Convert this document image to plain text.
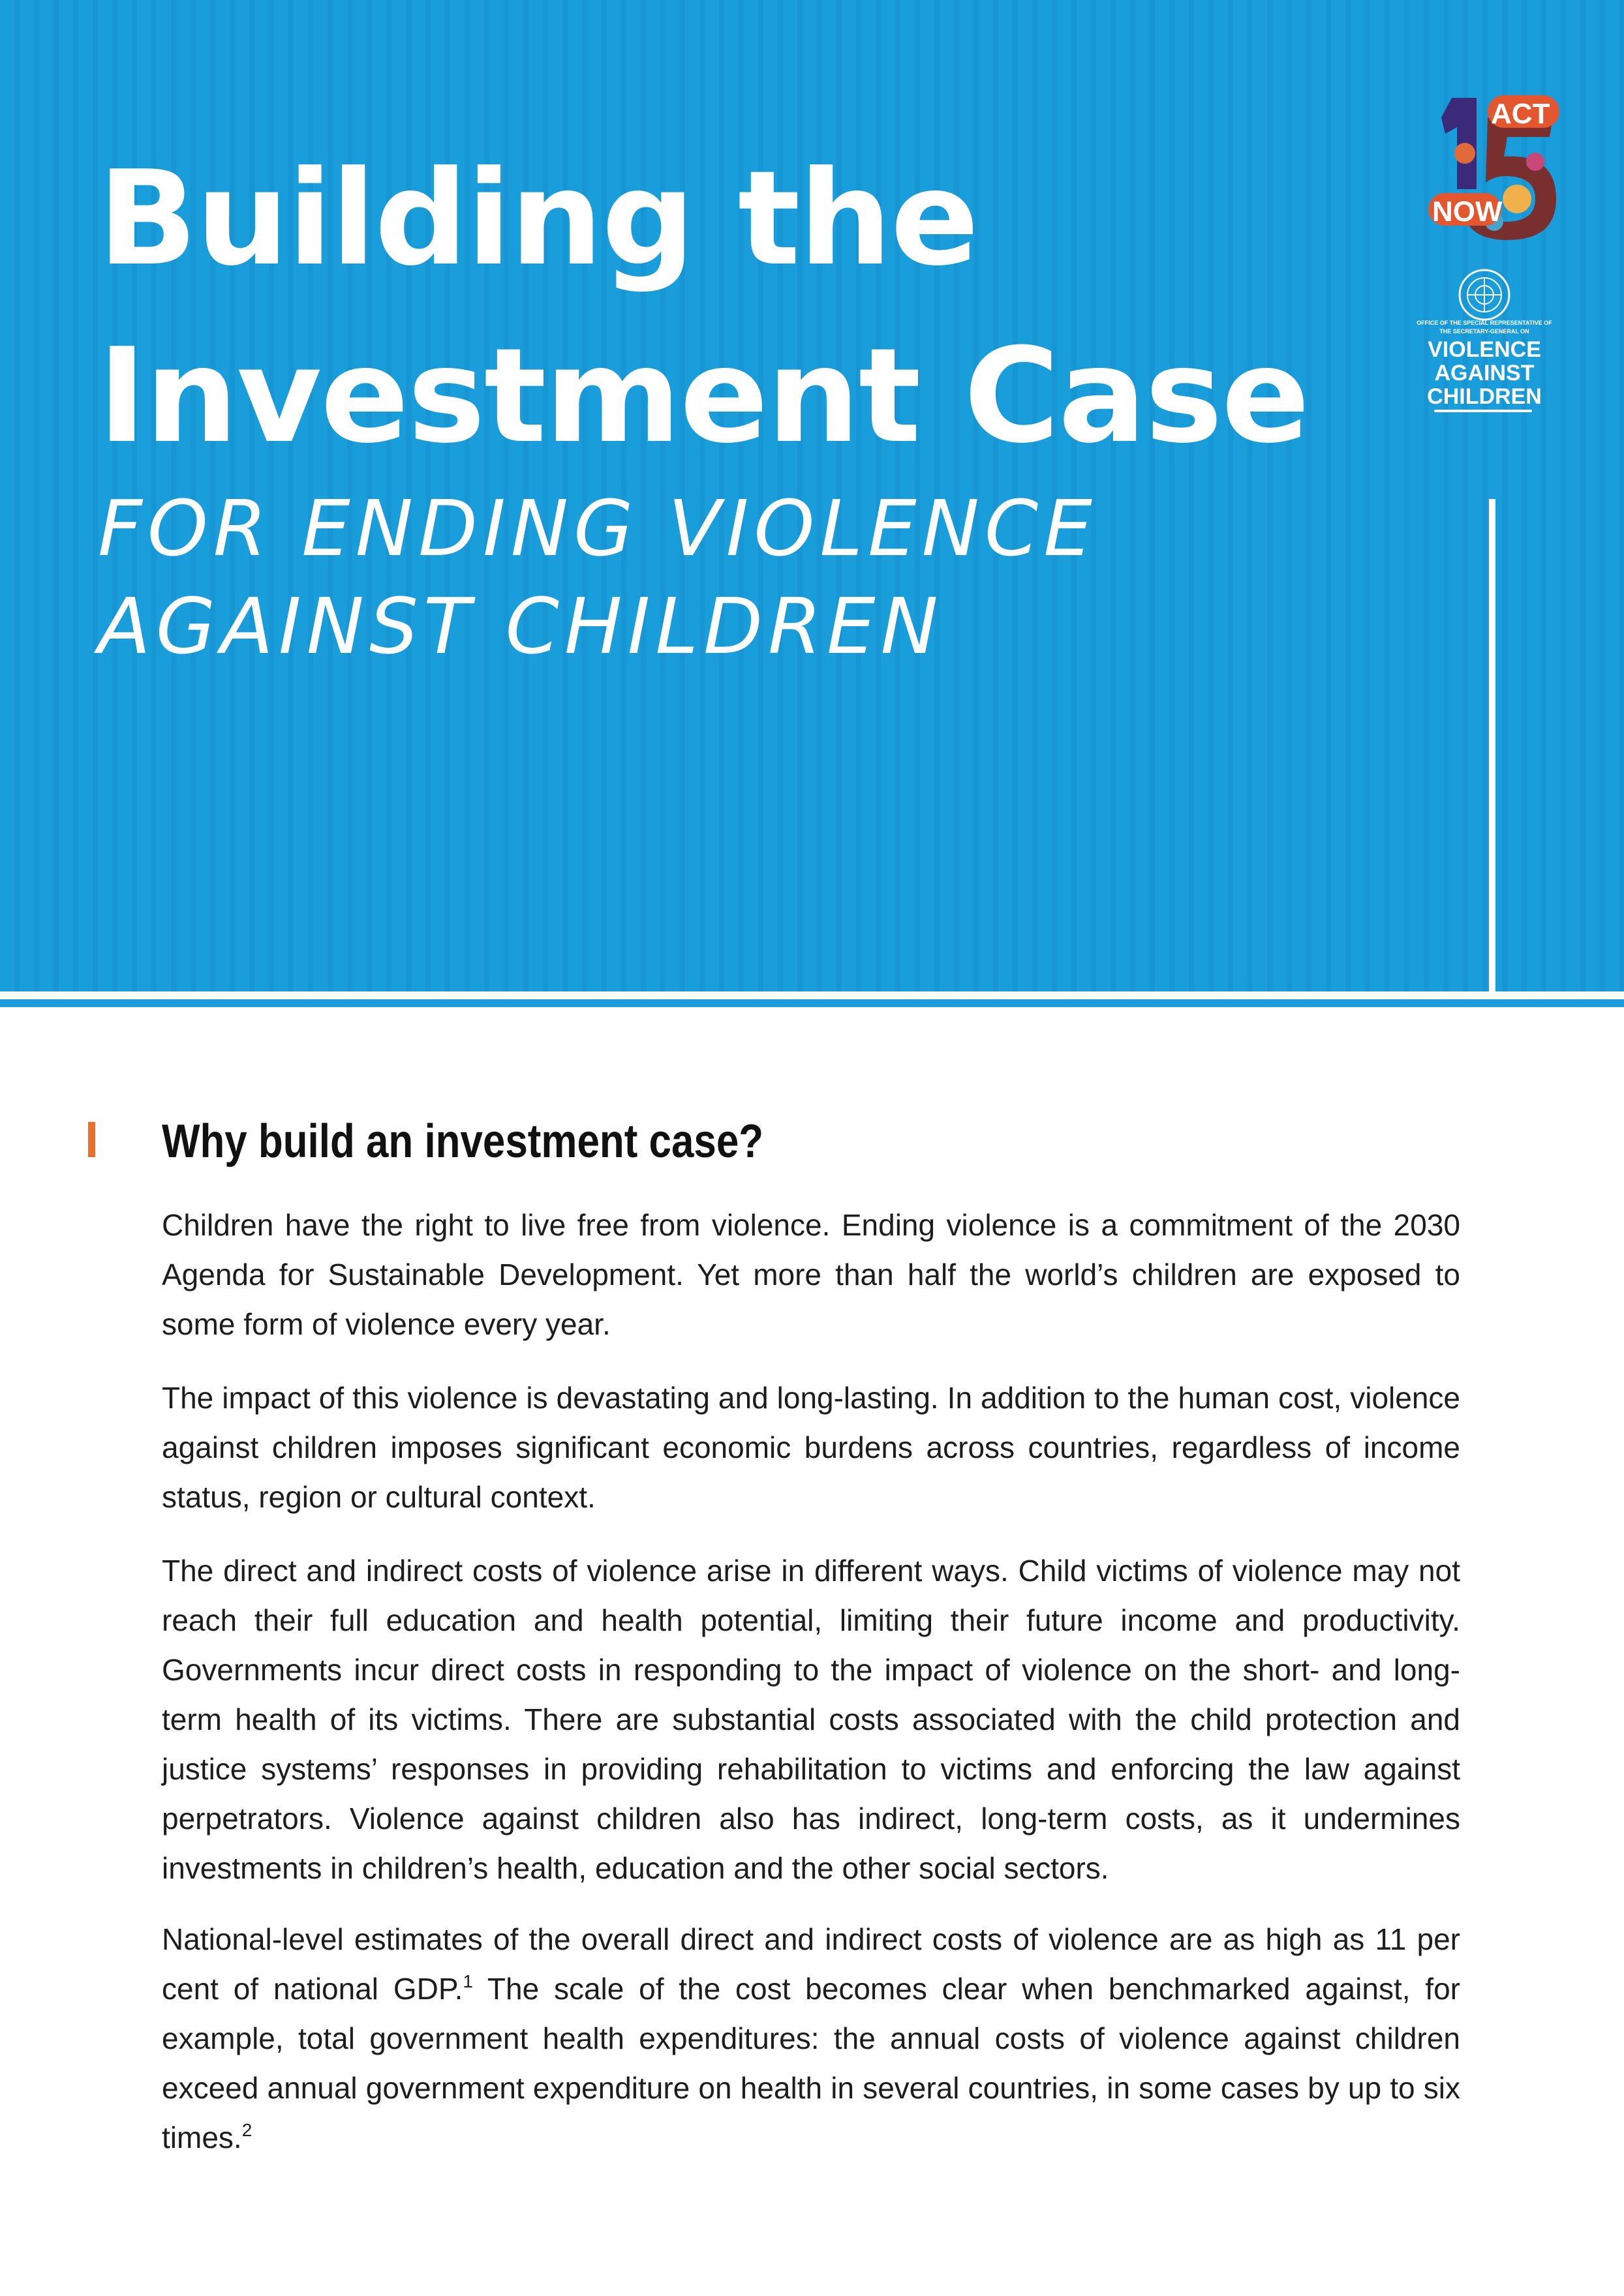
Building the
Investment Case
FOR ENDING VIOLENCE
AGAINST CHILDREN
ACT
NOW
OFFICE OF THE SPECIAL REPRESENTATIVE OF
THE SECRETARY-GENERAL ON
VIOLENCE
AGAINST
CHILDREN
Why build an investment case?

Children have the right to live free from violence. Ending violence is a commitment of the 2030 Agenda for Sustainable Development. Yet more than half the world’s children are exposed to some form of violence every year.

The impact of this violence is devastating and long-lasting. In addition to the human cost, violence against children imposes significant economic burdens across countries, regardless of income status, region or cultural context.

The direct and indirect costs of violence arise in different ways. Child victims of violence may not reach their full education and health potential, limiting their future income and productivity. Governments incur direct costs in responding to the impact of violence on the short- and long-term health of its victims. There are substantial costs associated with the child protection and justice systems’ responses in providing rehabilitation to victims and enforcing the law against perpetrators. Violence against children also has indirect, long-term costs, as it undermines investments in children’s health, education and the other social sectors.

National-level estimates of the overall direct and indirect costs of violence are as high as 11 per cent of national GDP.$^1$ The scale of the cost becomes clear when benchmarked against, for example, total government health expenditures: the annual costs of violence against children exceed annual government expenditure on health in several countries, in some cases by up to six times.$^2$
